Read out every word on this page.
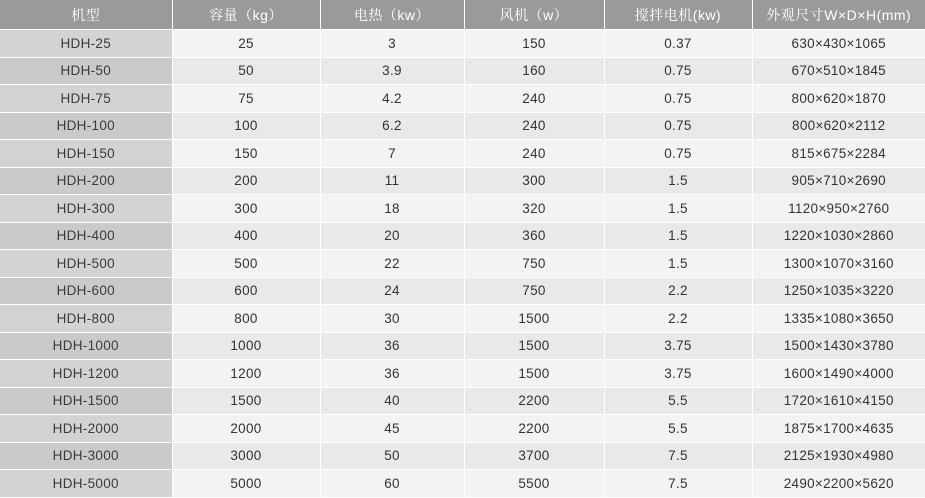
机型	容量（kg）	电热（kw）	风机（w）	搅拌电机(kw)	外观尺寸W×D×H(mm)
HDH-25	25	3	150	0.37	630×430×1065
HDH-50	50	3.9	160	0.75	670×510×1845
HDH-75	75	4.2	240	0.75	800×620×1870
HDH-100	100	6.2	240	0.75	800×620×2112
HDH-150	150	7	240	0.75	815×675×2284
HDH-200	200	11	300	1.5	905×710×2690
HDH-300	300	18	320	1.5	1120×950×2760
HDH-400	400	20	360	1.5	1220×1030×2860
HDH-500	500	22	750	1.5	1300×1070×3160
HDH-600	600	24	750	2.2	1250×1035×3220
HDH-800	800	30	1500	2.2	1335×1080×3650
HDH-1000	1000	36	1500	3.75	1500×1430×3780
HDH-1200	1200	36	1500	3.75	1600×1490×4000
HDH-1500	1500	40	2200	5.5	1720×1610×4150
HDH-2000	2000	45	2200	5.5	1875×1700×4635
HDH-3000	3000	50	3700	7.5	2125×1930×4980
HDH-5000	5000	60	5500	7.5	2490×2200×5620
